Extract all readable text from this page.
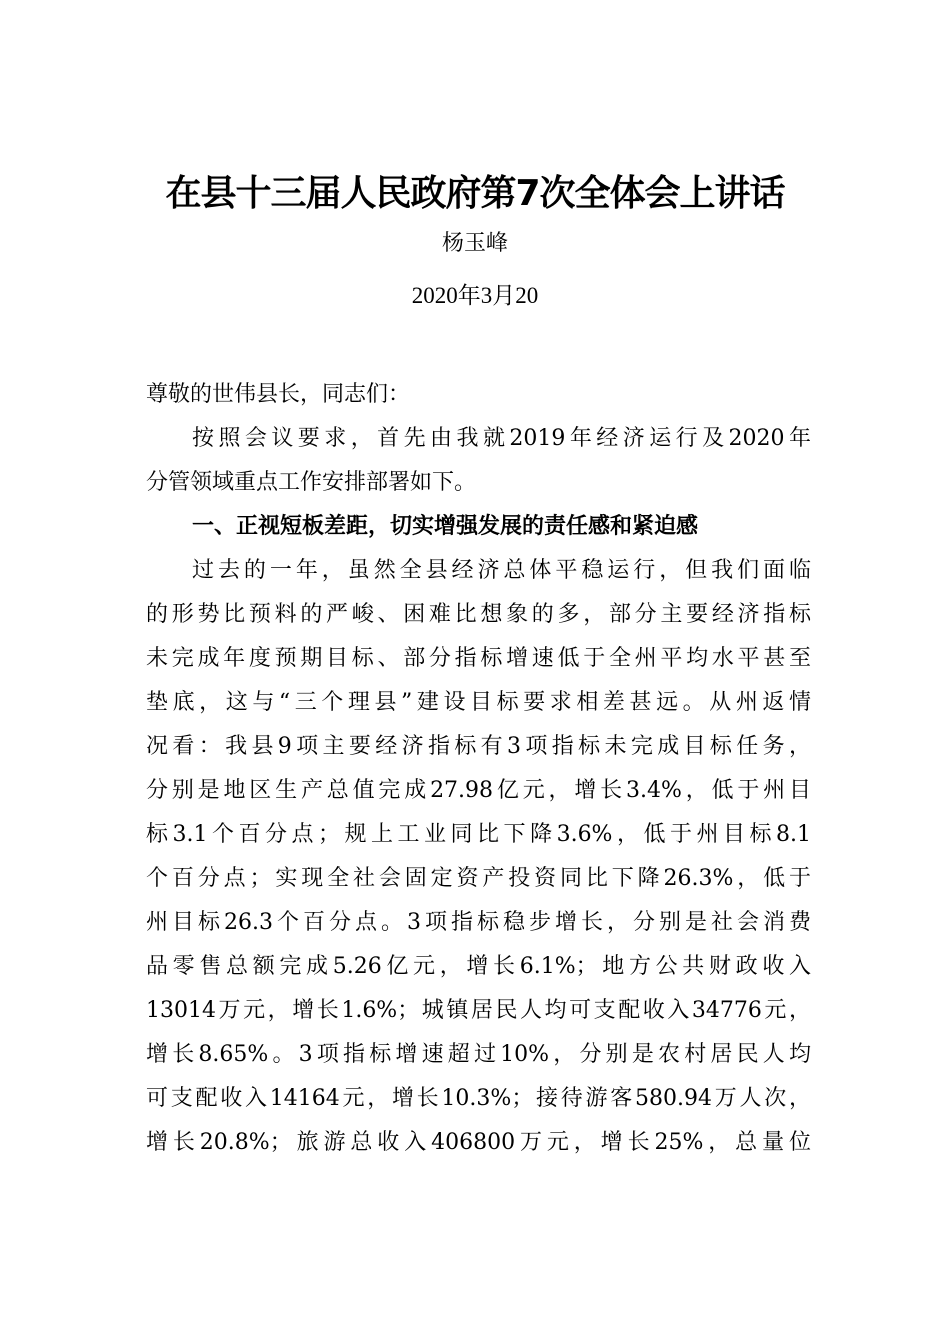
在县十三届人民政府第7次全体会上讲话
杨玉峰
2020年3月20
尊敬的世伟县长，同志们：
按照会议要求，首先由我就2019年经济运行及2020年
分管领域重点工作安排部署如下。
一、正视短板差距，切实增强发展的责任感和紧迫感
过去的一年，虽然全县经济总体平稳运行，但我们面临
的形势比预料的严峻、困难比想象的多，部分主要经济指标
未完成年度预期目标、部分指标增速低于全州平均水平甚至
垫底，这与“三个理县”建设目标要求相差甚远。从州返情
况看：我县9项主要经济指标有3项指标未完成目标任务，
分别是地区生产总值完成27.98亿元，增长3.4%，低于州目
标3.1个百分点；规上工业同比下降3.6%，低于州目标8.1
个百分点；实现全社会固定资产投资同比下降26.3%，低于
州目标26.3个百分点。3项指标稳步增长，分别是社会消费
品零售总额完成5.26亿元，增长6.1%；地方公共财政收入
13014万元，增长1.6%；城镇居民人均可支配收入34776元，
增长8.65%。3项指标增速超过10%，分别是农村居民人均
可支配收入14164元，增长10.3%；接待游客580.94万人次，
增长20.8%；旅游总收入406800万元，增长25%，总量位
